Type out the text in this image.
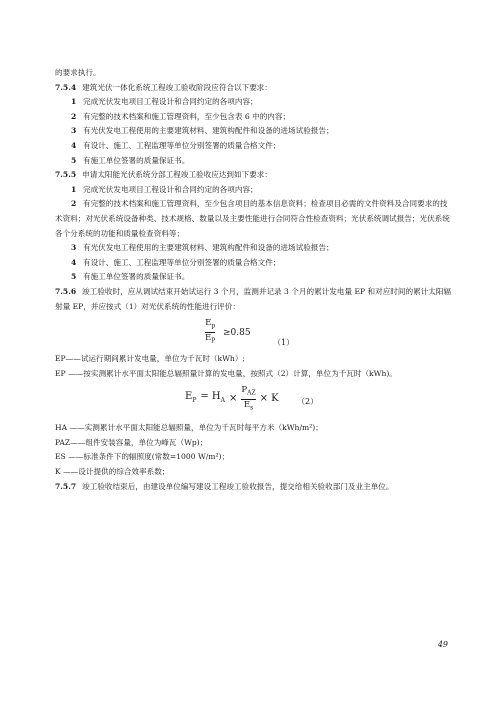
的要求执行。

7.5.4 建筑光伏一体化系统工程竣工验收阶段应符合以下要求：

1 完成光伏发电项目工程设计和合同约定的各项内容；

2 有完整的技术档案和施工管理资料，至少包含表 6 中的内容；

3 有光伏发电工程使用的主要建筑材料、建筑构配件和设备的进场试验报告；

4 有设计、施工、工程监理等单位分别签署的质量合格文件；

5 有施工单位签署的质量保证书。

7.5.5 申请太阳能光伏系统分部工程竣工验收应达到如下要求：

1 完成光伏发电项目工程设计和合同约定的各项内容；

2 有完整的技术档案和施工管理资料，至少包含项目的基本信息资料；检查项目必需的文件资料及合同要求的技术资料；对光伏系统设备种类、技术规格、数量以及主要性能进行合同符合性检查资料；光伏系统调试报告；光伏系统各个分系统的功能和质量检查资料等；

3 有光伏发电工程使用的主要建筑材料、建筑构配件和设备的进场试验报告；

4 有设计、施工、工程监理等单位分别签署的质量合格文件；

5 有施工单位签署的质量保证书。

7.5.6 竣工验收时，应从调试结束开始试运行 3 个月，监测并记录 3 个月的累计发电量 EP 和对应时间的累计太阳辐射量 EP，并应按式（1）对光伏系统的性能进行评价：

$E_p$
$E_P$
≥0.85
（1）

EP——试运行期间累计发电量，单位为千瓦时（kWh）;

EP ——按实测累计水平面太阳能总辐照量计算的发电量，按照式（2）计算，单位为千瓦时（kWh)。

$E_P = H_A \times \frac{P_{AZ}}{E_s} \times K$ （2）

HA ——实测累计水平面太阳能总辐照量，单位为千瓦时每平方米（kWh/m²)；

PAZ——组件安装容量，单位为峰瓦（Wp)；

ES ——标准条件下的辐照度(常数=1000 W/m²)；

K ——设计提供的综合效率系数；

7.5.7 竣工验收结束后，由建设单位编写建设工程竣工验收报告，提交给相关验收部门及业主单位。

49
